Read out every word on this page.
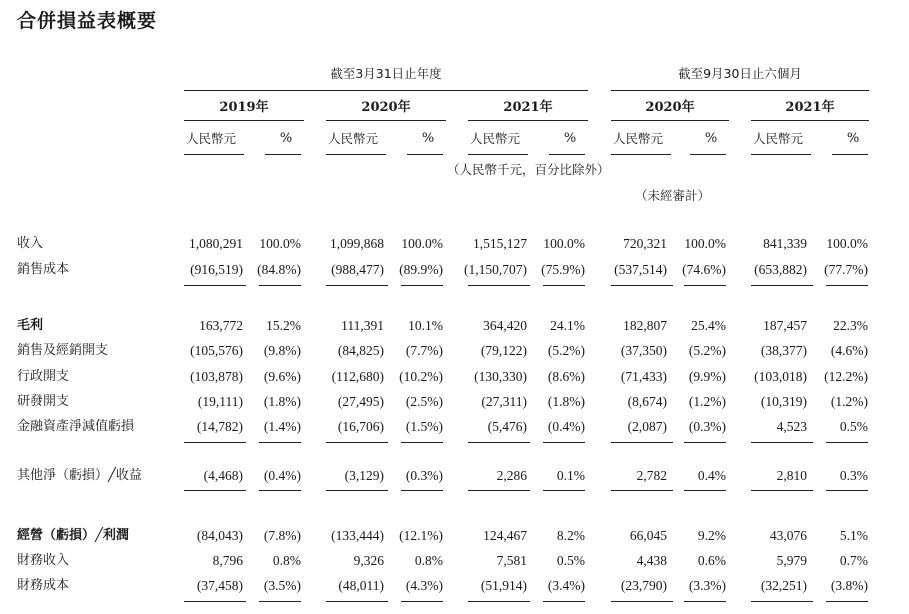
合併損益表概要
截至3月31日止年度	截至9月30日止六個月
2019年
人民幣元	%
2020年
人民幣元	%
2021年
人民幣元	%
2020年
人民幣元	%
2021年
人民幣元	%
（人民幣千元，百分比除外）
（未經審計）
收入	1,080,291	100.0%	1,099,868	100.0%	1,515,127	100.0%	720,321	100.0%	841,339	100.0%
銷售成本	(916,519)	(84.8%)	(988,477)	(89.9%)	(1,150,707)	(75.9%)	(537,514)	(74.6%)	(653,882)	(77.7%)
毛利	163,772	15.2%	111,391	10.1%	364,420	24.1%	182,807	25.4%	187,457	22.3%
銷售及經銷開支	(105,576)	(9.8%)	(84,825)	(7.7%)	(79,122)	(5.2%)	(37,350)	(5.2%)	(38,377)	(4.6%)
行政開支	(103,878)	(9.6%)	(112,680)	(10.2%)	(130,330)	(8.6%)	(71,433)	(9.9%)	(103,018)	(12.2%)
研發開支	(19,111)	(1.8%)	(27,495)	(2.5%)	(27,311)	(1.8%)	(8,674)	(1.2%)	(10,319)	(1.2%)
金融資產淨減值虧損	(14,782)	(1.4%)	(16,706)	(1.5%)	(5,476)	(0.4%)	(2,087)	(0.3%)	4,523	0.5%
其他淨（虧損）╱收益	(4,468)	(0.4%)	(3,129)	(0.3%)	2,286	0.1%	2,782	0.4%	2,810	0.3%
經營（虧損）╱利潤	(84,043)	(7.8%)	(133,444)	(12.1%)	124,467	8.2%	66,045	9.2%	43,076	5.1%
財務收入	8,796	0.8%	9,326	0.8%	7,581	0.5%	4,438	0.6%	5,979	0.7%
財務成本	(37,458)	(3.5%)	(48,011)	(4.3%)	(51,914)	(3.4%)	(23,790)	(3.3%)	(32,251)	(3.8%)
